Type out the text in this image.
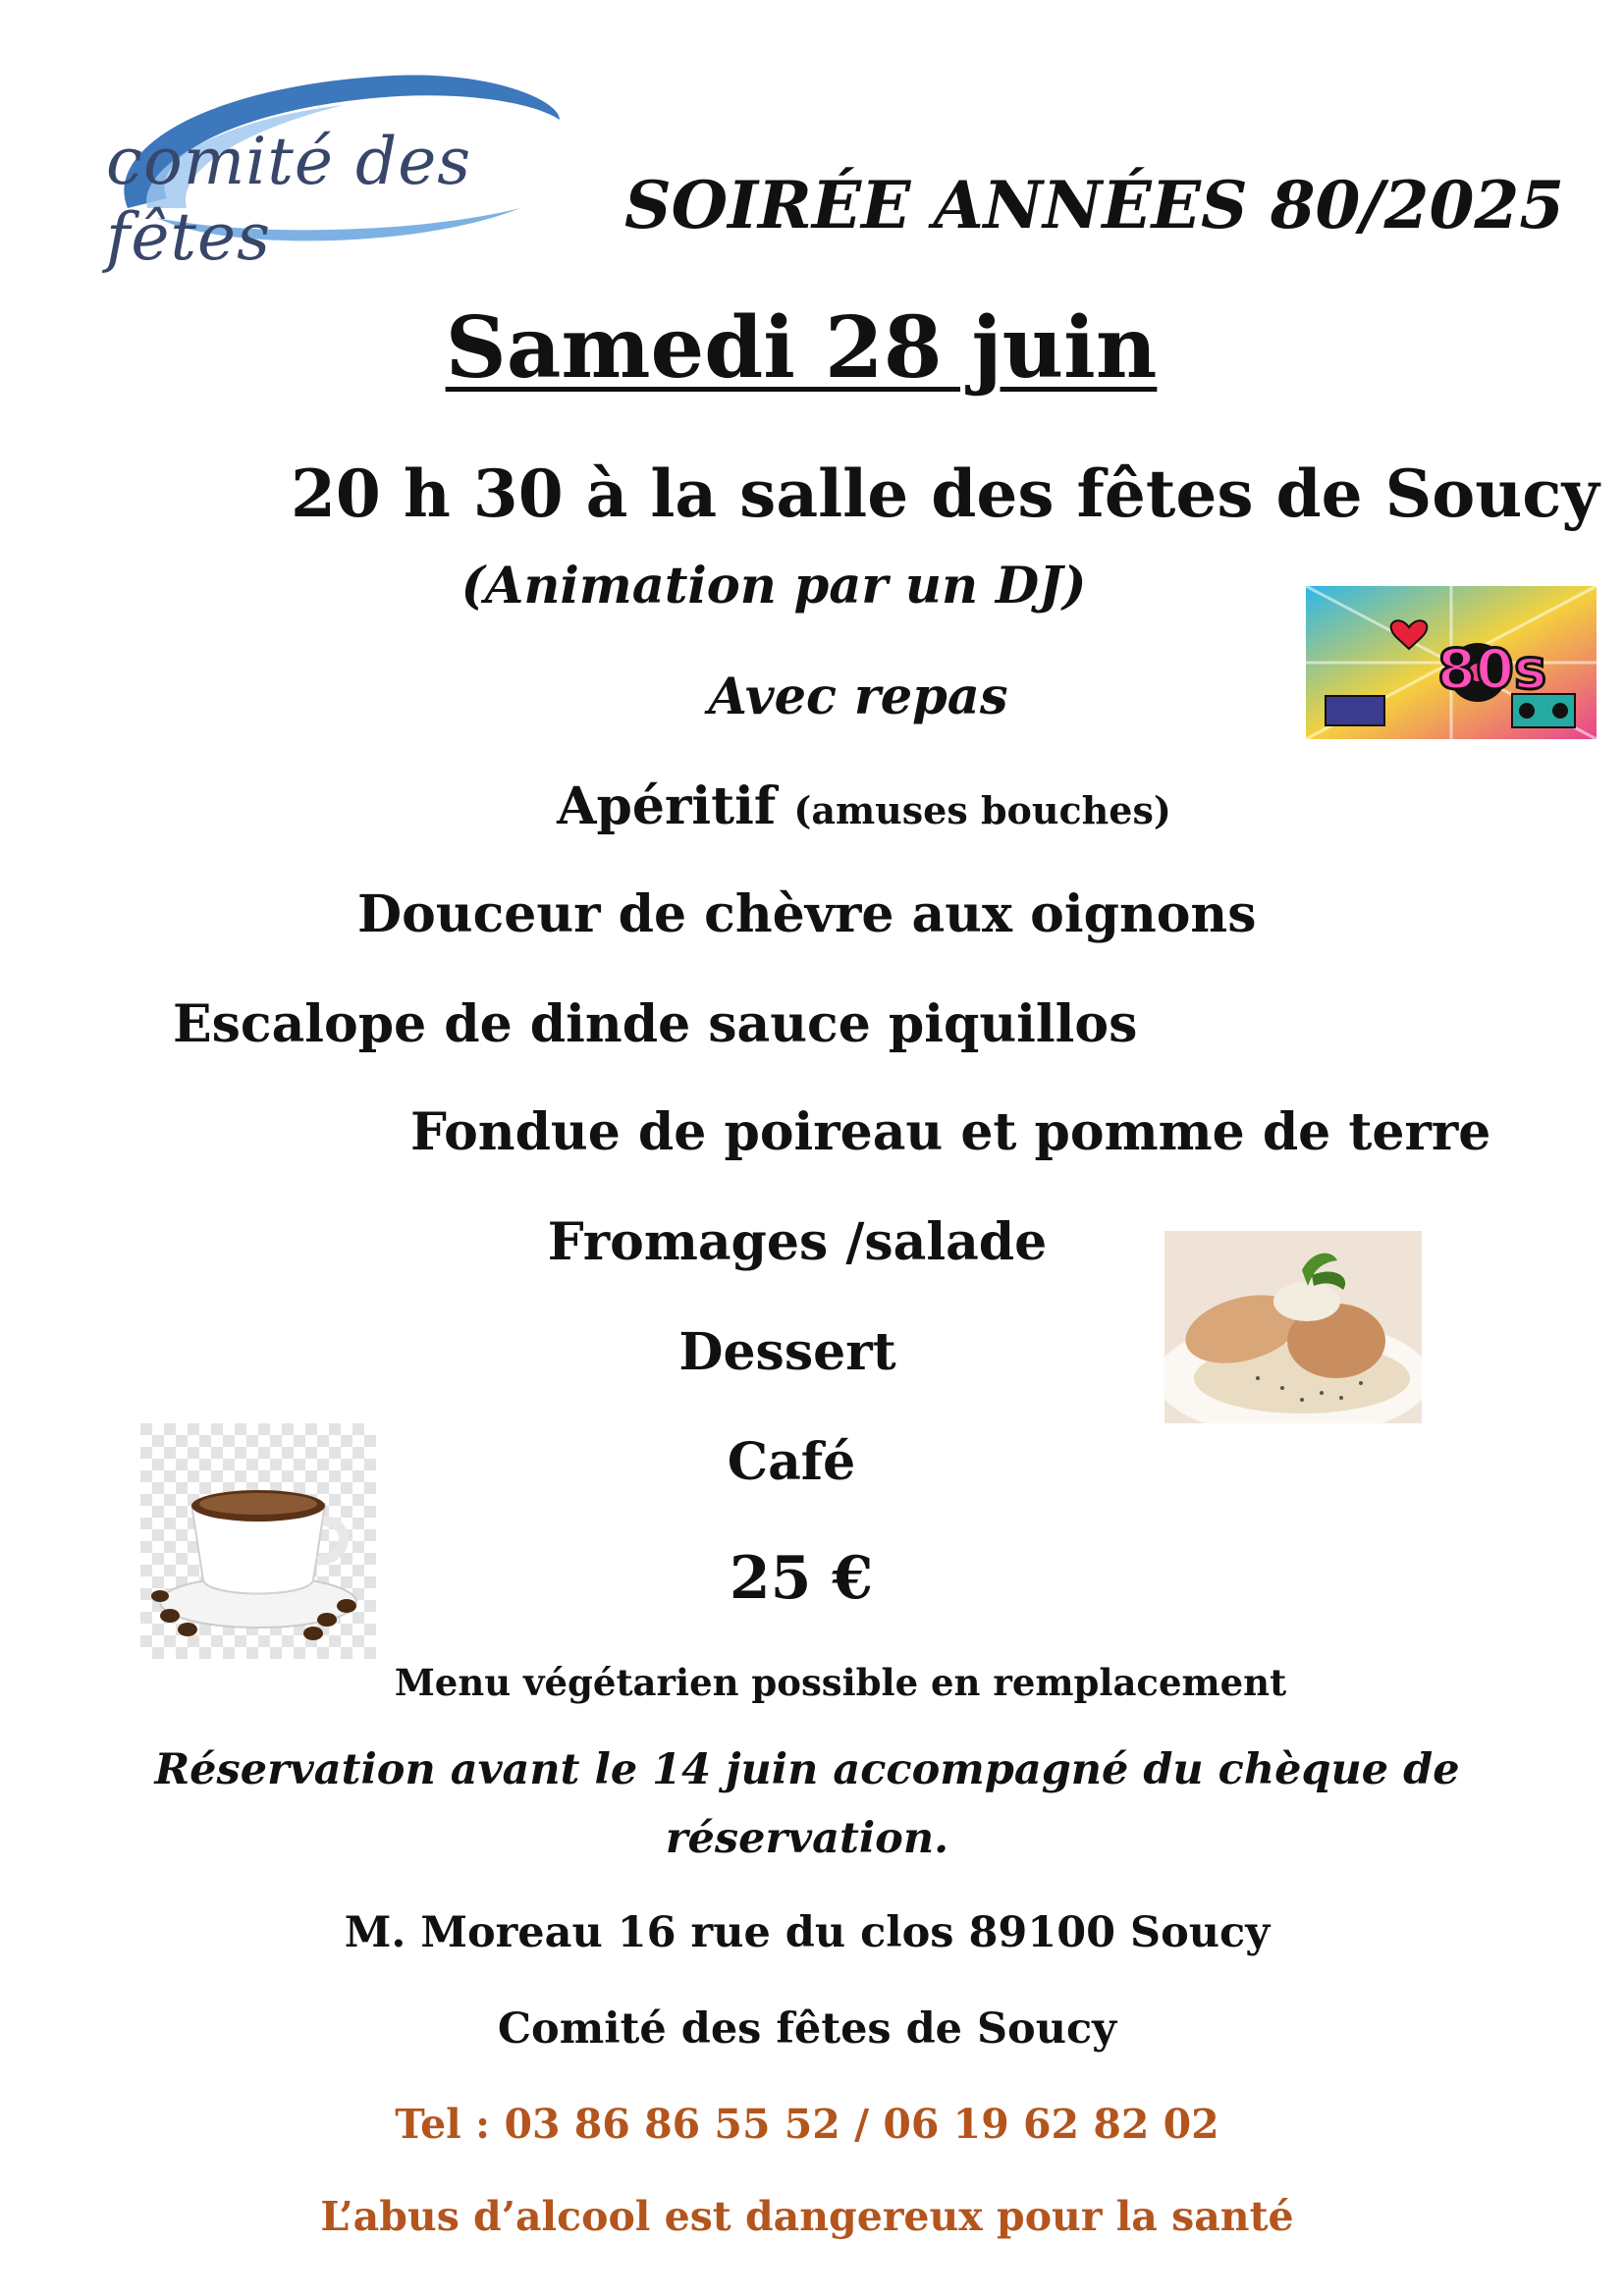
comité des fêtes	SOIRÉE ANNÉES 80/2025
Samedi 28 juin
20 h 30 à la salle des fêtes de Soucy
(Animation par un DJ)
Avec repas
Apéritif (amuses bouches)
Douceur de chèvre aux oignons
Escalope de dinde sauce piquillos
Fondue de poireau et pomme de terre
Fromages /salade
Dessert
Café
25 €
Menu végétarien possible en remplacement
Réservation avant le 14 juin accompagné du chèque de
réservation.
M. Moreau 16 rue du clos 89100 Soucy
Comité des fêtes de Soucy
Tel : 03 86 86 55 52 / 06 19 62 82 02
L’abus d’alcool est dangereux pour la santé
80s
